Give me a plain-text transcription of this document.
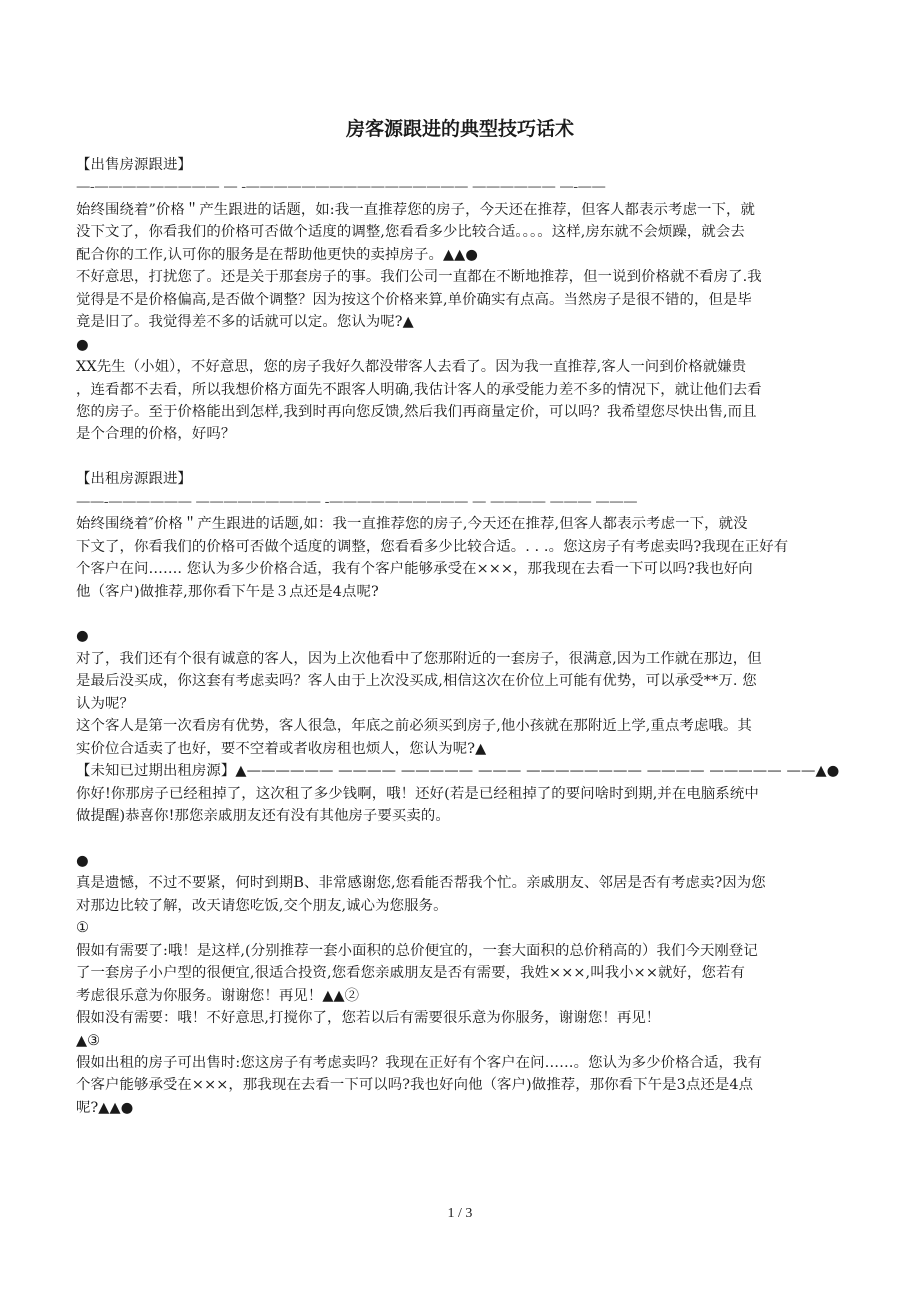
房客源跟进的典型技巧话术
【出售房源跟进】
—-————————— — -———————————————— —————— —-——
始终围绕着”价格＂产生跟进的话题，如:我一直推荐您的房子，今天还在推荐，但客人都表示考虑一下，就
没下文了，你看我们的价格可否做个适度的调整,您看看多少比较合适。。。。这样,房东就不会烦躁，就会去
配合你的工作,认可你的服务是在帮助他更快的卖掉房子。▲▲●
不好意思，打扰您了。还是关于那套房子的事。我们公司一直都在不断地推荐，但一说到价格就不看房了.我
觉得是不是价格偏高,是否做个调整？因为按这个价格来算,单价确实有点高。当然房子是很不错的，但是毕
竟是旧了。我觉得差不多的话就可以定。您认为呢?▲
●
XX先生（小姐），不好意思，您的房子我好久都没带客人去看了。因为我一直推荐,客人一问到价格就嫌贵
，连看都不去看，所以我想价格方面先不跟客人明确,我估计客人的承受能力差不多的情况下，就让他们去看
您的房子。至于价格能出到怎样,我到时再向您反馈,然后我们再商量定价，可以吗？我希望您尽快出售,而且
是个合理的价格，好吗？
【出租房源跟进】
——-—————— ————————— -—————————— — ———— ——— ———
始终围绕着″价格＂产生跟进的话题,如：我一直推荐您的房子,今天还在推荐,但客人都表示考虑一下，就没
下文了，你看我们的价格可否做个适度的调整，您看看多少比较合适。. . .。您这房子有考虑卖吗?我现在正好有
个客户在问……. 您认为多少价格合适，我有个客户能够承受在×××，那我现在去看一下可以吗?我也好向
他（客户)做推荐,那你看下午是３点还是4点呢?
●
对了，我们还有个很有诚意的客人，因为上次他看中了您那附近的一套房子，很满意,因为工作就在那边，但
是最后没买成，你这套有考虑卖吗？客人由于上次没买成,相信这次在价位上可能有优势，可以承受**万. 您
认为呢？
这个客人是第一次看房有优势，客人很急，年底之前必须买到房子,他小孩就在那附近上学,重点考虑哦。其
实价位合适卖了也好，要不空着或者收房租也烦人，您认为呢?▲
【未知已过期出租房源】▲—————— ———— ————— ——— ———————— ———— ————— ——▲●
你好!你那房子已经租掉了，这次租了多少钱啊，哦！还好(若是已经租掉了的要问啥时到期,并在电脑系统中
做提醒)恭喜你!那您亲戚朋友还有没有其他房子要买卖的。
●
真是遗憾，不过不要紧，何时到期B、非常感谢您,您看能否帮我个忙。亲戚朋友、邻居是否有考虑卖?因为您
对那边比较了解，改天请您吃饭,交个朋友,诚心为您服务。
①
假如有需要了:哦！是这样,(分别推荐一套小面积的总价便宜的，一套大面积的总价稍高的）我们今天刚登记
了一套房子小户型的很便宜,很适合投资,您看您亲戚朋友是否有需要，我姓×××,叫我小××就好，您若有
考虑很乐意为你服务。谢谢您！再见！▲▲②
假如没有需要：哦！不好意思,打搅你了，您若以后有需要很乐意为你服务，谢谢您！再见！
▲③
假如出租的房子可出售时:您这房子有考虑卖吗？我现在正好有个客户在问……。您认为多少价格合适，我有
个客户能够承受在×××，那我现在去看一下可以吗?我也好向他（客户)做推荐，那你看下午是3点还是4点
呢?▲▲●
1 / 3
